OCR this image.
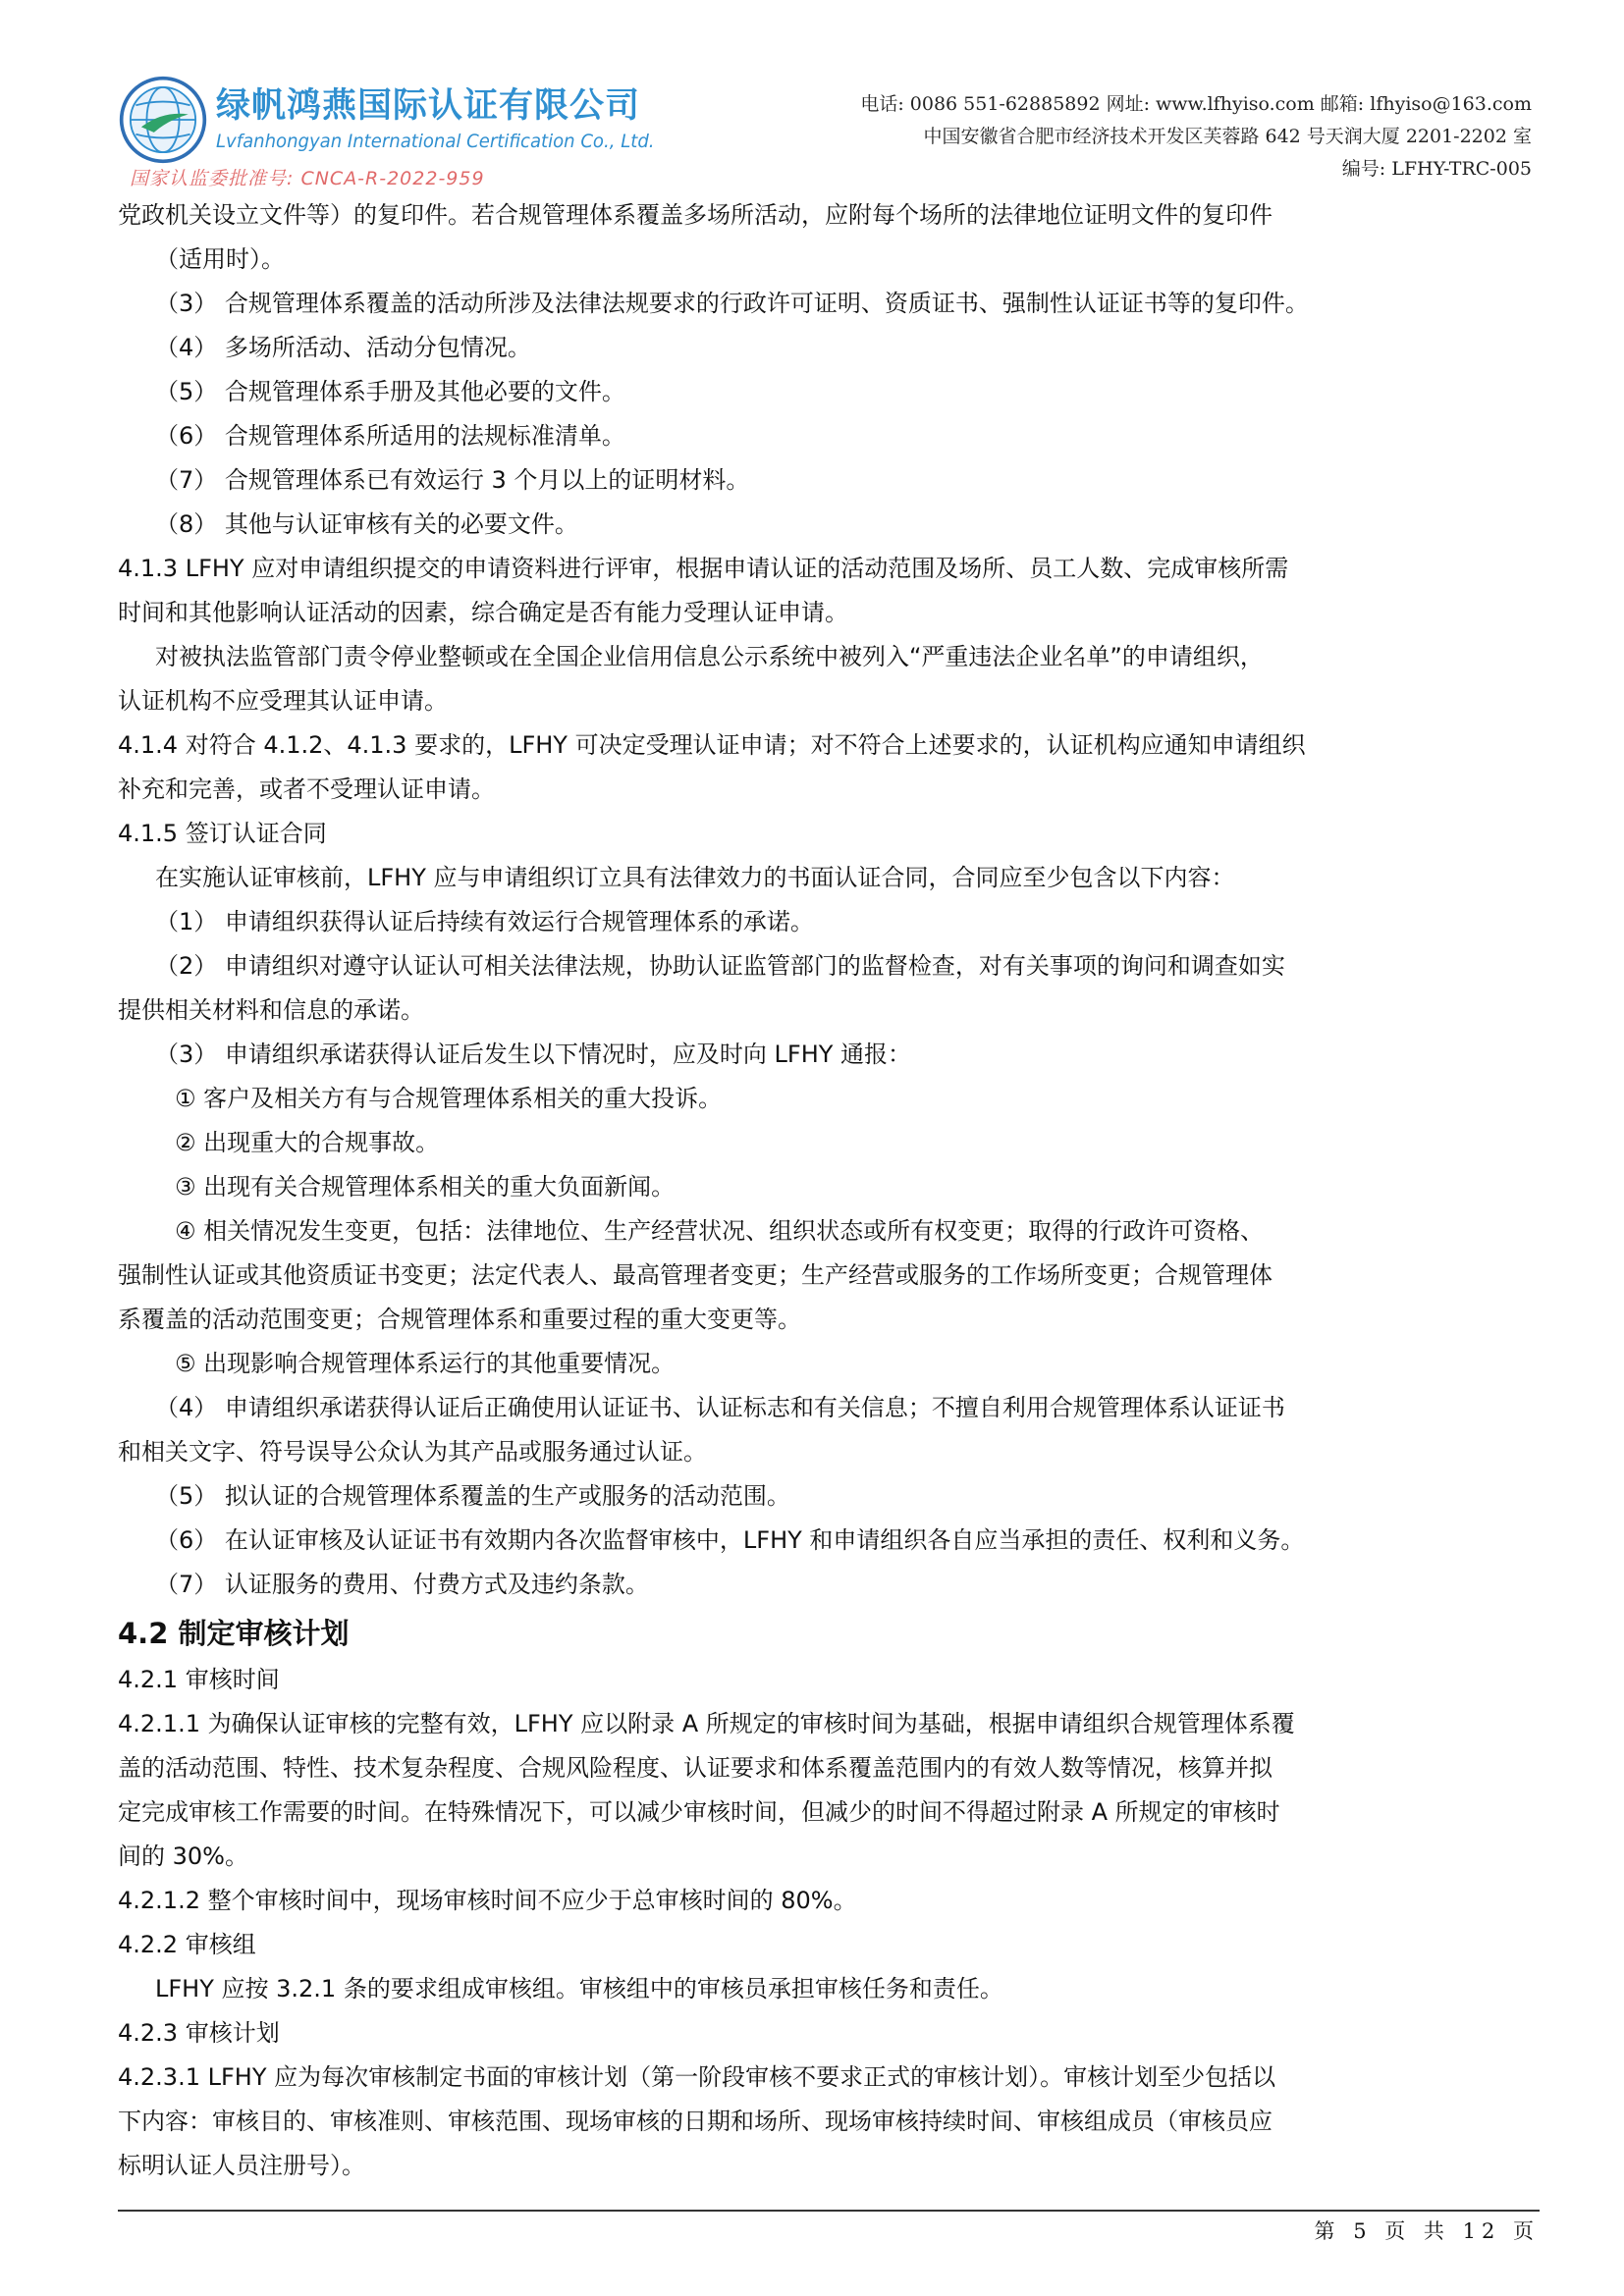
绿帆鸿燕国际认证有限公司
Lvfanhongyan International Certification Co., Ltd.
国家认监委批准号: CNCA-R-2022-959
电话: 0086 551-62885892 网址: www.lfhyiso.com 邮箱: lfhyiso@163.com
中国安徽省合肥市经济技术开发区芙蓉路 642 号天润大厦 2201-2202 室
编号: LFHY-TRC-005
党政机关设立文件等）的复印件。若合规管理体系覆盖多场所活动，应附每个场所的法律地位证明文件的复印件
（适用时）。
（3） 合规管理体系覆盖的活动所涉及法律法规要求的行政许可证明、资质证书、强制性认证证书等的复印件。
（4） 多场所活动、活动分包情况。
（5） 合规管理体系手册及其他必要的文件。
（6） 合规管理体系所适用的法规标准清单。
（7） 合规管理体系已有效运行 3 个月以上的证明材料。
（8） 其他与认证审核有关的必要文件。
4.1.3 LFHY 应对申请组织提交的申请资料进行评审，根据申请认证的活动范围及场所、员工人数、完成审核所需
时间和其他影响认证活动的因素，综合确定是否有能力受理认证申请。
对被执法监管部门责令停业整顿或在全国企业信用信息公示系统中被列入“严重违法企业名单”的申请组织，
认证机构不应受理其认证申请。
4.1.4 对符合 4.1.2、4.1.3 要求的，LFHY 可决定受理认证申请；对不符合上述要求的，认证机构应通知申请组织
补充和完善，或者不受理认证申请。
4.1.5 签订认证合同
在实施认证审核前，LFHY 应与申请组织订立具有法律效力的书面认证合同，合同应至少包含以下内容：
（1） 申请组织获得认证后持续有效运行合规管理体系的承诺。
（2） 申请组织对遵守认证认可相关法律法规，协助认证监管部门的监督检查，对有关事项的询问和调查如实
提供相关材料和信息的承诺。
（3） 申请组织承诺获得认证后发生以下情况时，应及时向 LFHY 通报：
① 客户及相关方有与合规管理体系相关的重大投诉。
② 出现重大的合规事故。
③ 出现有关合规管理体系相关的重大负面新闻。
④ 相关情况发生变更，包括：法律地位、生产经营状况、组织状态或所有权变更；取得的行政许可资格、
强制性认证或其他资质证书变更；法定代表人、最高管理者变更；生产经营或服务的工作场所变更；合规管理体
系覆盖的活动范围变更；合规管理体系和重要过程的重大变更等。
⑤ 出现影响合规管理体系运行的其他重要情况。
（4） 申请组织承诺获得认证后正确使用认证证书、认证标志和有关信息；不擅自利用合规管理体系认证证书
和相关文字、符号误导公众认为其产品或服务通过认证。
（5） 拟认证的合规管理体系覆盖的生产或服务的活动范围。
（6） 在认证审核及认证证书有效期内各次监督审核中，LFHY 和申请组织各自应当承担的责任、权利和义务。
（7） 认证服务的费用、付费方式及违约条款。
4.2 制定审核计划
4.2.1 审核时间
4.2.1.1 为确保认证审核的完整有效，LFHY 应以附录 A 所规定的审核时间为基础，根据申请组织合规管理体系覆
盖的活动范围、特性、技术复杂程度、合规风险程度、认证要求和体系覆盖范围内的有效人数等情况，核算并拟
定完成审核工作需要的时间。在特殊情况下，可以减少审核时间，但减少的时间不得超过附录 A 所规定的审核时
间的 30%。
4.2.1.2 整个审核时间中，现场审核时间不应少于总审核时间的 80%。
4.2.2 审核组
LFHY 应按 3.2.1 条的要求组成审核组。审核组中的审核员承担审核任务和责任。
4.2.3 审核计划
4.2.3.1 LFHY 应为每次审核制定书面的审核计划（第一阶段审核不要求正式的审核计划）。审核计划至少包括以
下内容：审核目的、审核准则、审核范围、现场审核的日期和场所、现场审核持续时间、审核组成员（审核员应
标明认证人员注册号）。
第 5 页 共 12 页
